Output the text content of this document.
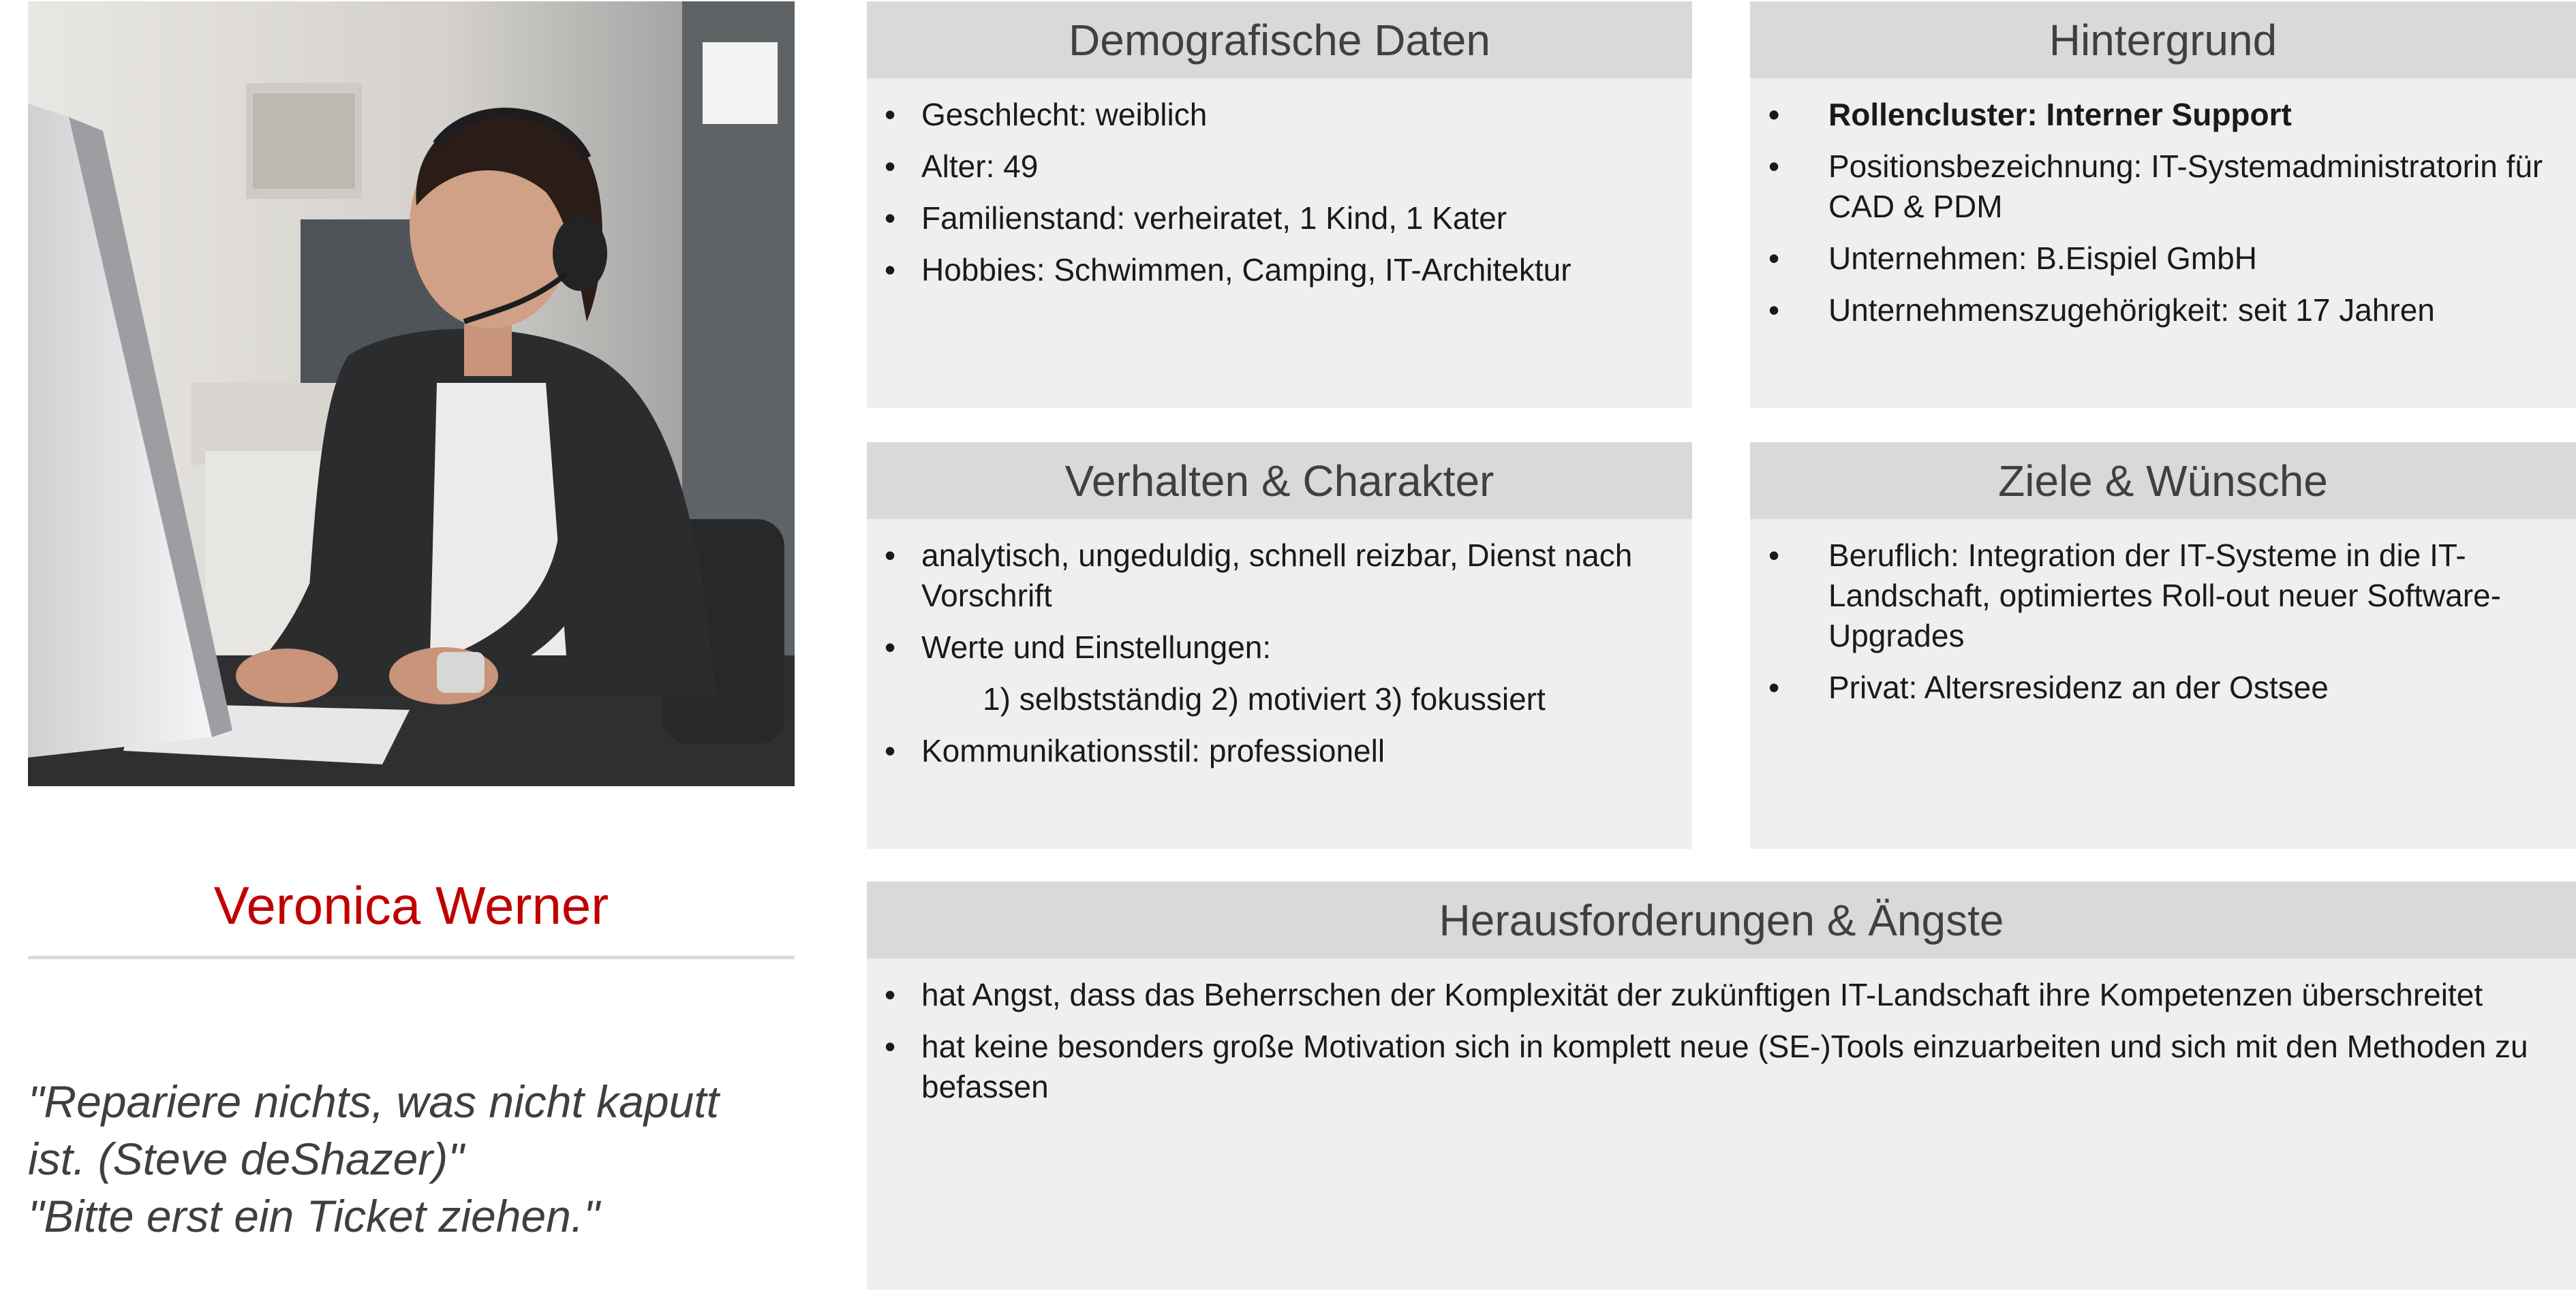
Veronica Werner
"Repariere nichts, was nicht kaputt
ist. (Steve deShazer)"
"Bitte erst ein Ticket ziehen."
Demografische Daten
• Geschlecht: weiblich
• Alter: 49
• Familienstand: verheiratet, 1 Kind, 1 Kater
• Hobbies: Schwimmen, Camping, IT-Architektur
Hintergrund
• Rollencluster: Interner Support
• Positionsbezeichnung: IT-Systemadministratorin für CAD & PDM
• Unternehmen: B.Eispiel GmbH
• Unternehmenszugehörigkeit: seit 17 Jahren
Verhalten & Charakter
• analytisch, ungeduldig, schnell reizbar, Dienst nach Vorschrift
• Werte und Einstellungen:
1) selbstständig 2) motiviert 3) fokussiert
• Kommunikationsstil: professionell
Ziele & Wünsche
• Beruflich: Integration der IT-Systeme in die IT-Landschaft, optimiertes Roll-out neuer Software-Upgrades
• Privat: Altersresidenz an der Ostsee
Herausforderungen & Ängste
• hat Angst, dass das Beherrschen der Komplexität der zukünftigen IT-Landschaft ihre Kompetenzen überschreitet
• hat keine besonders große Motivation sich in komplett neue (SE-)Tools einzuarbeiten und sich mit den Methoden zu befassen
